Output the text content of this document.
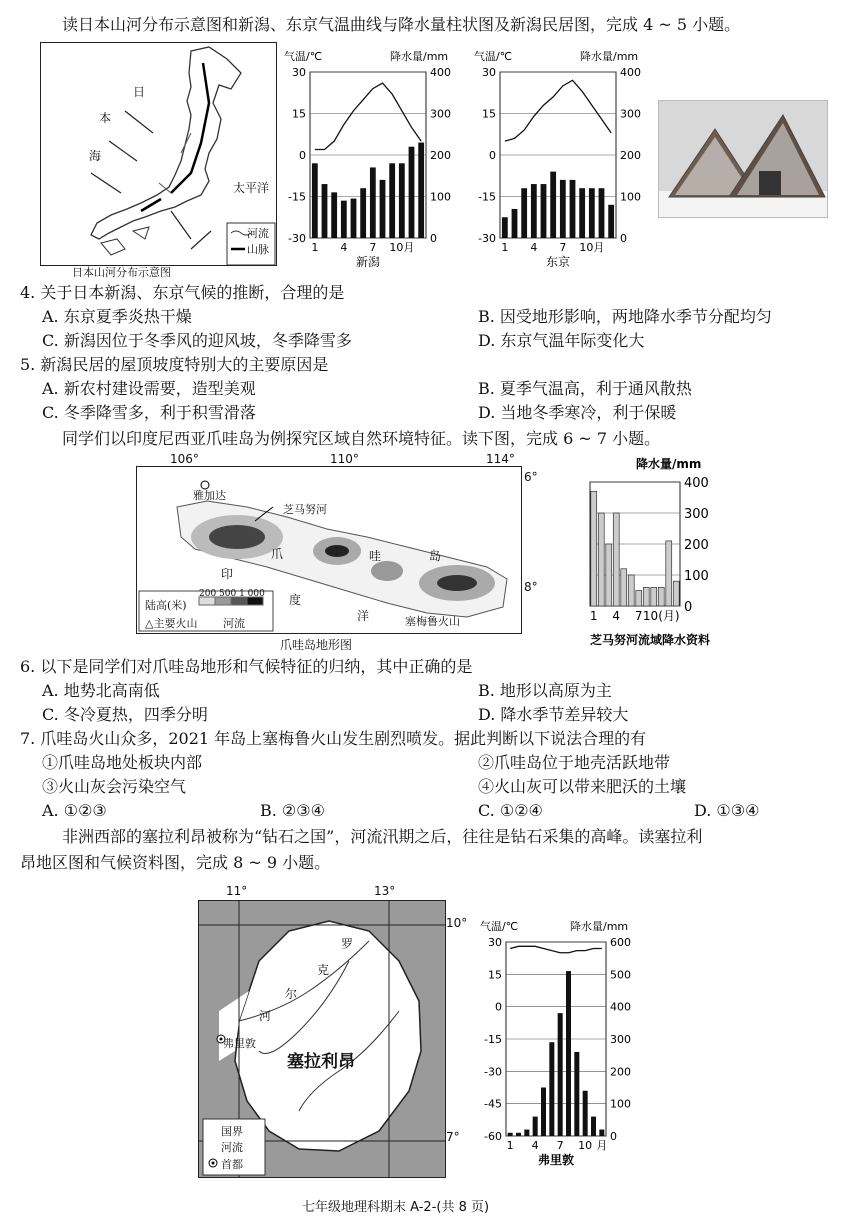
读日本山河分布示意图和新潟、东京气温曲线与降水量柱状图及新潟民居图，完成 4 ~ 5 小题。
日
本
海
太平洋
河流
山脉
日本山河分布示意图
气温/℃	降水量/mm
30
15
0
-15
-30
400
300
200
100
0
1 4 7 10月
新潟
气温/℃	降水量/mm
30
15
0
-15
-30
400
300
200
100
0
1 4 7 10月
东京
4. 关于日本新潟、东京气候的推断，合理的是
A. 东京夏季炎热干燥	B. 因受地形影响，两地降水季节分配均匀
C. 新潟因位于冬季风的迎风坡，冬季降雪多	D. 东京气温年际变化大
5. 新潟民居的屋顶坡度特别大的主要原因是
A. 新农村建设需要，造型美观	B. 夏季气温高，利于通风散热
C. 冬季降雪多，利于积雪滑落	D. 当地冬季寒冷，利于保暖
同学们以印度尼西亚爪哇岛为例探究区域自然环境特征。读下图，完成 6 ~ 7 小题。
106°	110°	114°
雅加达
芝马努河
爪	哇	岛
印
度
洋	塞梅鲁火山
陆高(米)
200 500 1 000
△主要火山 河流
6°
8°
爪哇岛地形图
降水量/mm
400
300
200
100
0
1 4 7 10(月)
芝马努河流域降水资料
6. 以下是同学们对爪哇岛地形和气候特征的归纳，其中正确的是
A. 地势北高南低	B. 地形以高原为主
C. 冬冷夏热，四季分明	D. 降水季节差异较大
7. 爪哇岛火山众多，2021 年岛上塞梅鲁火山发生剧烈喷发。据此判断以下说法合理的有
①爪哇岛地处板块内部	②爪哇岛位于地壳活跃地带
③火山灰会污染空气	④火山灰可以带来肥沃的土壤
A. ①②③	B. ②③④	C. ①②④	D. ①③④
非洲西部的塞拉利昂被称为“钻石之国”，河流汛期之后，往往是钻石采集的高峰。读塞拉利
昂地区图和气候资料图，完成 8 ~ 9 小题。
11°	13°
罗
克
尔
河
弗里敦
塞拉利昂
国界
河流
首都
10°
7°
气温/℃	降水量/mm
30
15
0
-15
-30
-45
-60
600
500
400
300
200
100
0
1 4 7 10 月
弗里敦
七年级地理科期末 A-2-(共 8 页)
